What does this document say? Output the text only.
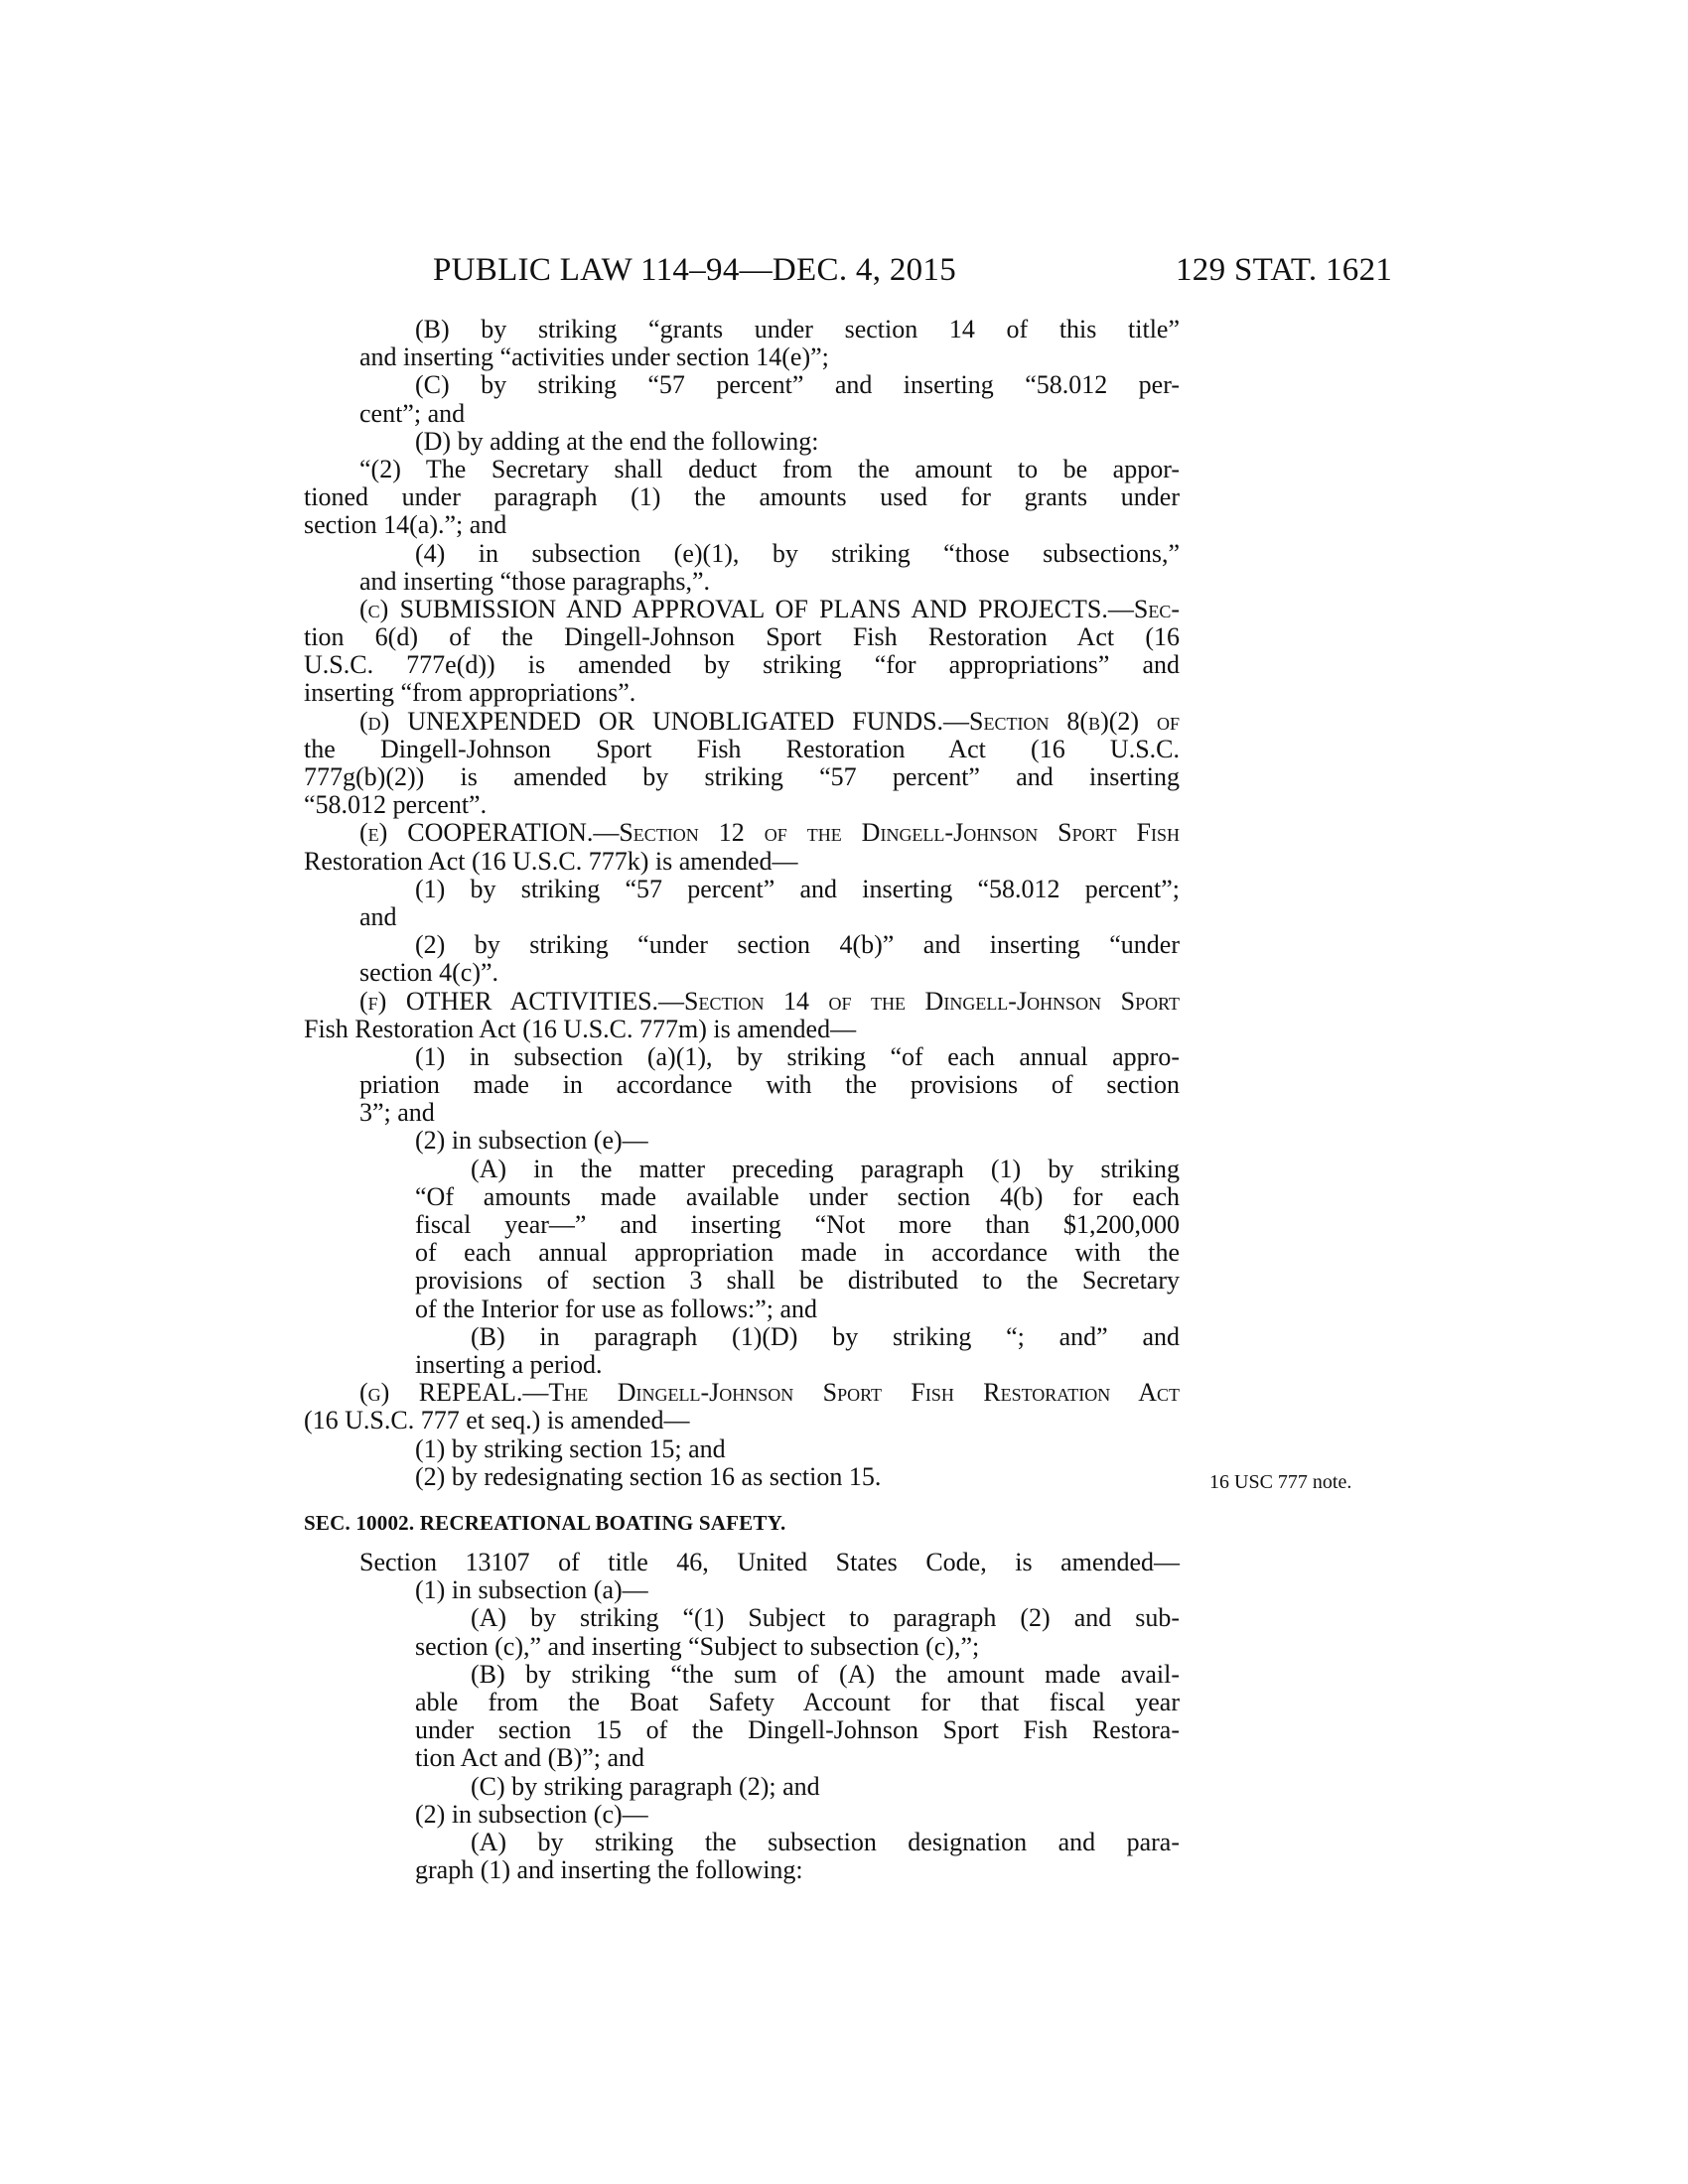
PUBLIC LAW 114–94—DEC. 4, 2015	129 STAT. 1621
(B) by striking “grants under section 14 of this title”
and inserting “activities under section 14(e)”;
(C) by striking “57 percent” and inserting “58.012 per-
cent”; and
(D) by adding at the end the following:
“(2) The Secretary shall deduct from the amount to be appor-
tioned under paragraph (1) the amounts used for grants under
section 14(a).”; and
(4) in subsection (e)(1), by striking “those subsections,”
and inserting “those paragraphs,”.
(c) SUBMISSION AND APPROVAL OF PLANS AND PROJECTS.—Sec-
tion 6(d) of the Dingell-Johnson Sport Fish Restoration Act (16
U.S.C. 777e(d)) is amended by striking “for appropriations” and
inserting “from appropriations”.
(d) UNEXPENDED OR UNOBLIGATED FUNDS.—Section 8(b)(2) of
the Dingell-Johnson Sport Fish Restoration Act (16 U.S.C.
777g(b)(2)) is amended by striking “57 percent” and inserting
“58.012 percent”.
(e) COOPERATION.—Section 12 of the Dingell-Johnson Sport Fish
Restoration Act (16 U.S.C. 777k) is amended—
(1) by striking “57 percent” and inserting “58.012 percent”;
and
(2) by striking “under section 4(b)” and inserting “under
section 4(c)”.
(f) OTHER ACTIVITIES.—Section 14 of the Dingell-Johnson Sport
Fish Restoration Act (16 U.S.C. 777m) is amended—
(1) in subsection (a)(1), by striking “of each annual appro-
priation made in accordance with the provisions of section
3”; and
(2) in subsection (e)—
(A) in the matter preceding paragraph (1) by striking
“Of amounts made available under section 4(b) for each
fiscal year—” and inserting “Not more than $1,200,000
of each annual appropriation made in accordance with the
provisions of section 3 shall be distributed to the Secretary
of the Interior for use as follows:”; and
(B) in paragraph (1)(D) by striking “; and” and
inserting a period.
(g) REPEAL.—The Dingell-Johnson Sport Fish Restoration Act
(16 U.S.C. 777 et seq.) is amended—
(1) by striking section 15; and
(2) by redesignating section 16 as section 15.
SEC. 10002. RECREATIONAL BOATING SAFETY.
Section 13107 of title 46, United States Code, is amended—
(1) in subsection (a)—
(A) by striking “(1) Subject to paragraph (2) and sub-
section (c),” and inserting “Subject to subsection (c),”;
(B) by striking “the sum of (A) the amount made avail-
able from the Boat Safety Account for that fiscal year
under section 15 of the Dingell-Johnson Sport Fish Restora-
tion Act and (B)”; and
(C) by striking paragraph (2); and
(2) in subsection (c)—
(A) by striking the subsection designation and para-
graph (1) and inserting the following:
16 USC 777 note.
